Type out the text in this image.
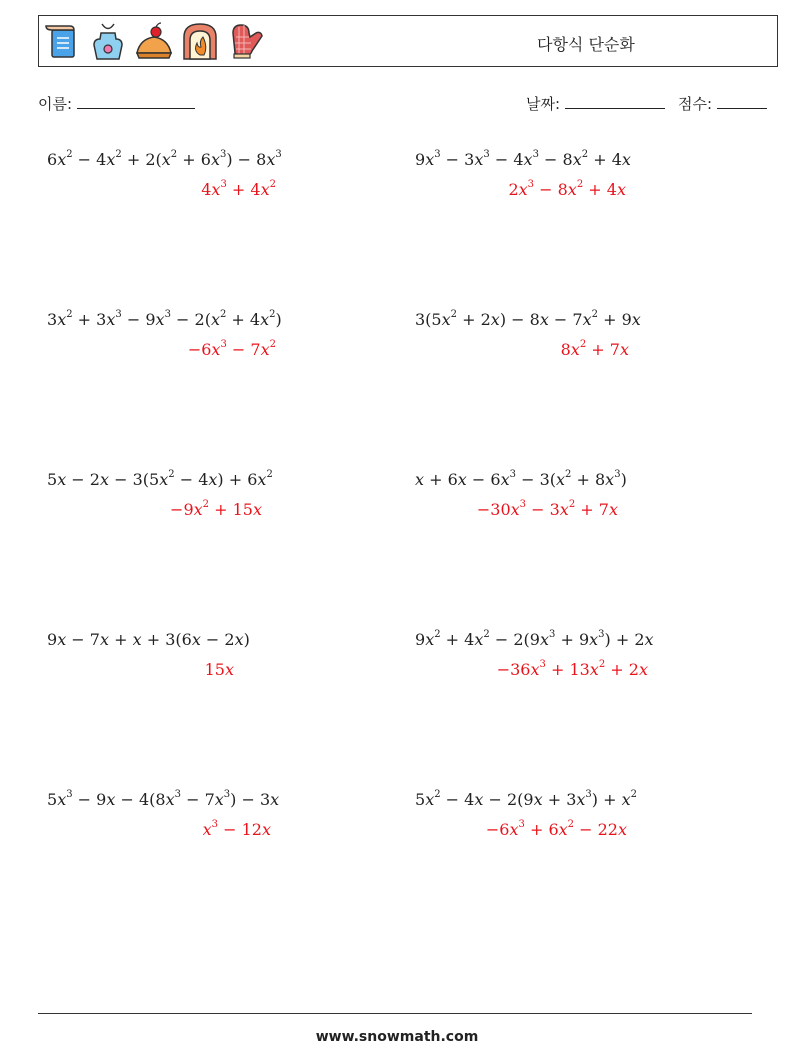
다항식 단순화
이름:	날짜:	점수:
$6x^2 - 4x^2 + 2(x^2 + 6x^3) - 8x^3$
$4x^3 + 4x^2$
$9x^3 - 3x^3 - 4x^3 - 8x^2 + 4x$
$2x^3 - 8x^2 + 4x$
$3x^2 + 3x^3 - 9x^3 - 2(x^2 + 4x^2)$
$-6x^3 - 7x^2$
$3(5x^2 + 2x) - 8x - 7x^2 + 9x$
$8x^2 + 7x$
$5x - 2x - 3(5x^2 - 4x) + 6x^2$
$-9x^2 + 15x$
$x + 6x - 6x^3 - 3(x^2 + 8x^3)$
$-30x^3 - 3x^2 + 7x$
9x − 7x + x + 3(6x − 2x)
15x
$9x^2 + 4x^2 - 2(9x^3 + 9x^3) + 2x$
$-36x^3 + 13x^2 + 2x$
$5x^3 - 9x - 4(8x^3 - 7x^3) - 3x$
$x^3 - 12x$
$5x^2 - 4x - 2(9x + 3x^3) + x^2$
$-6x^3 + 6x^2 - 22x$
www.snowmath.com
